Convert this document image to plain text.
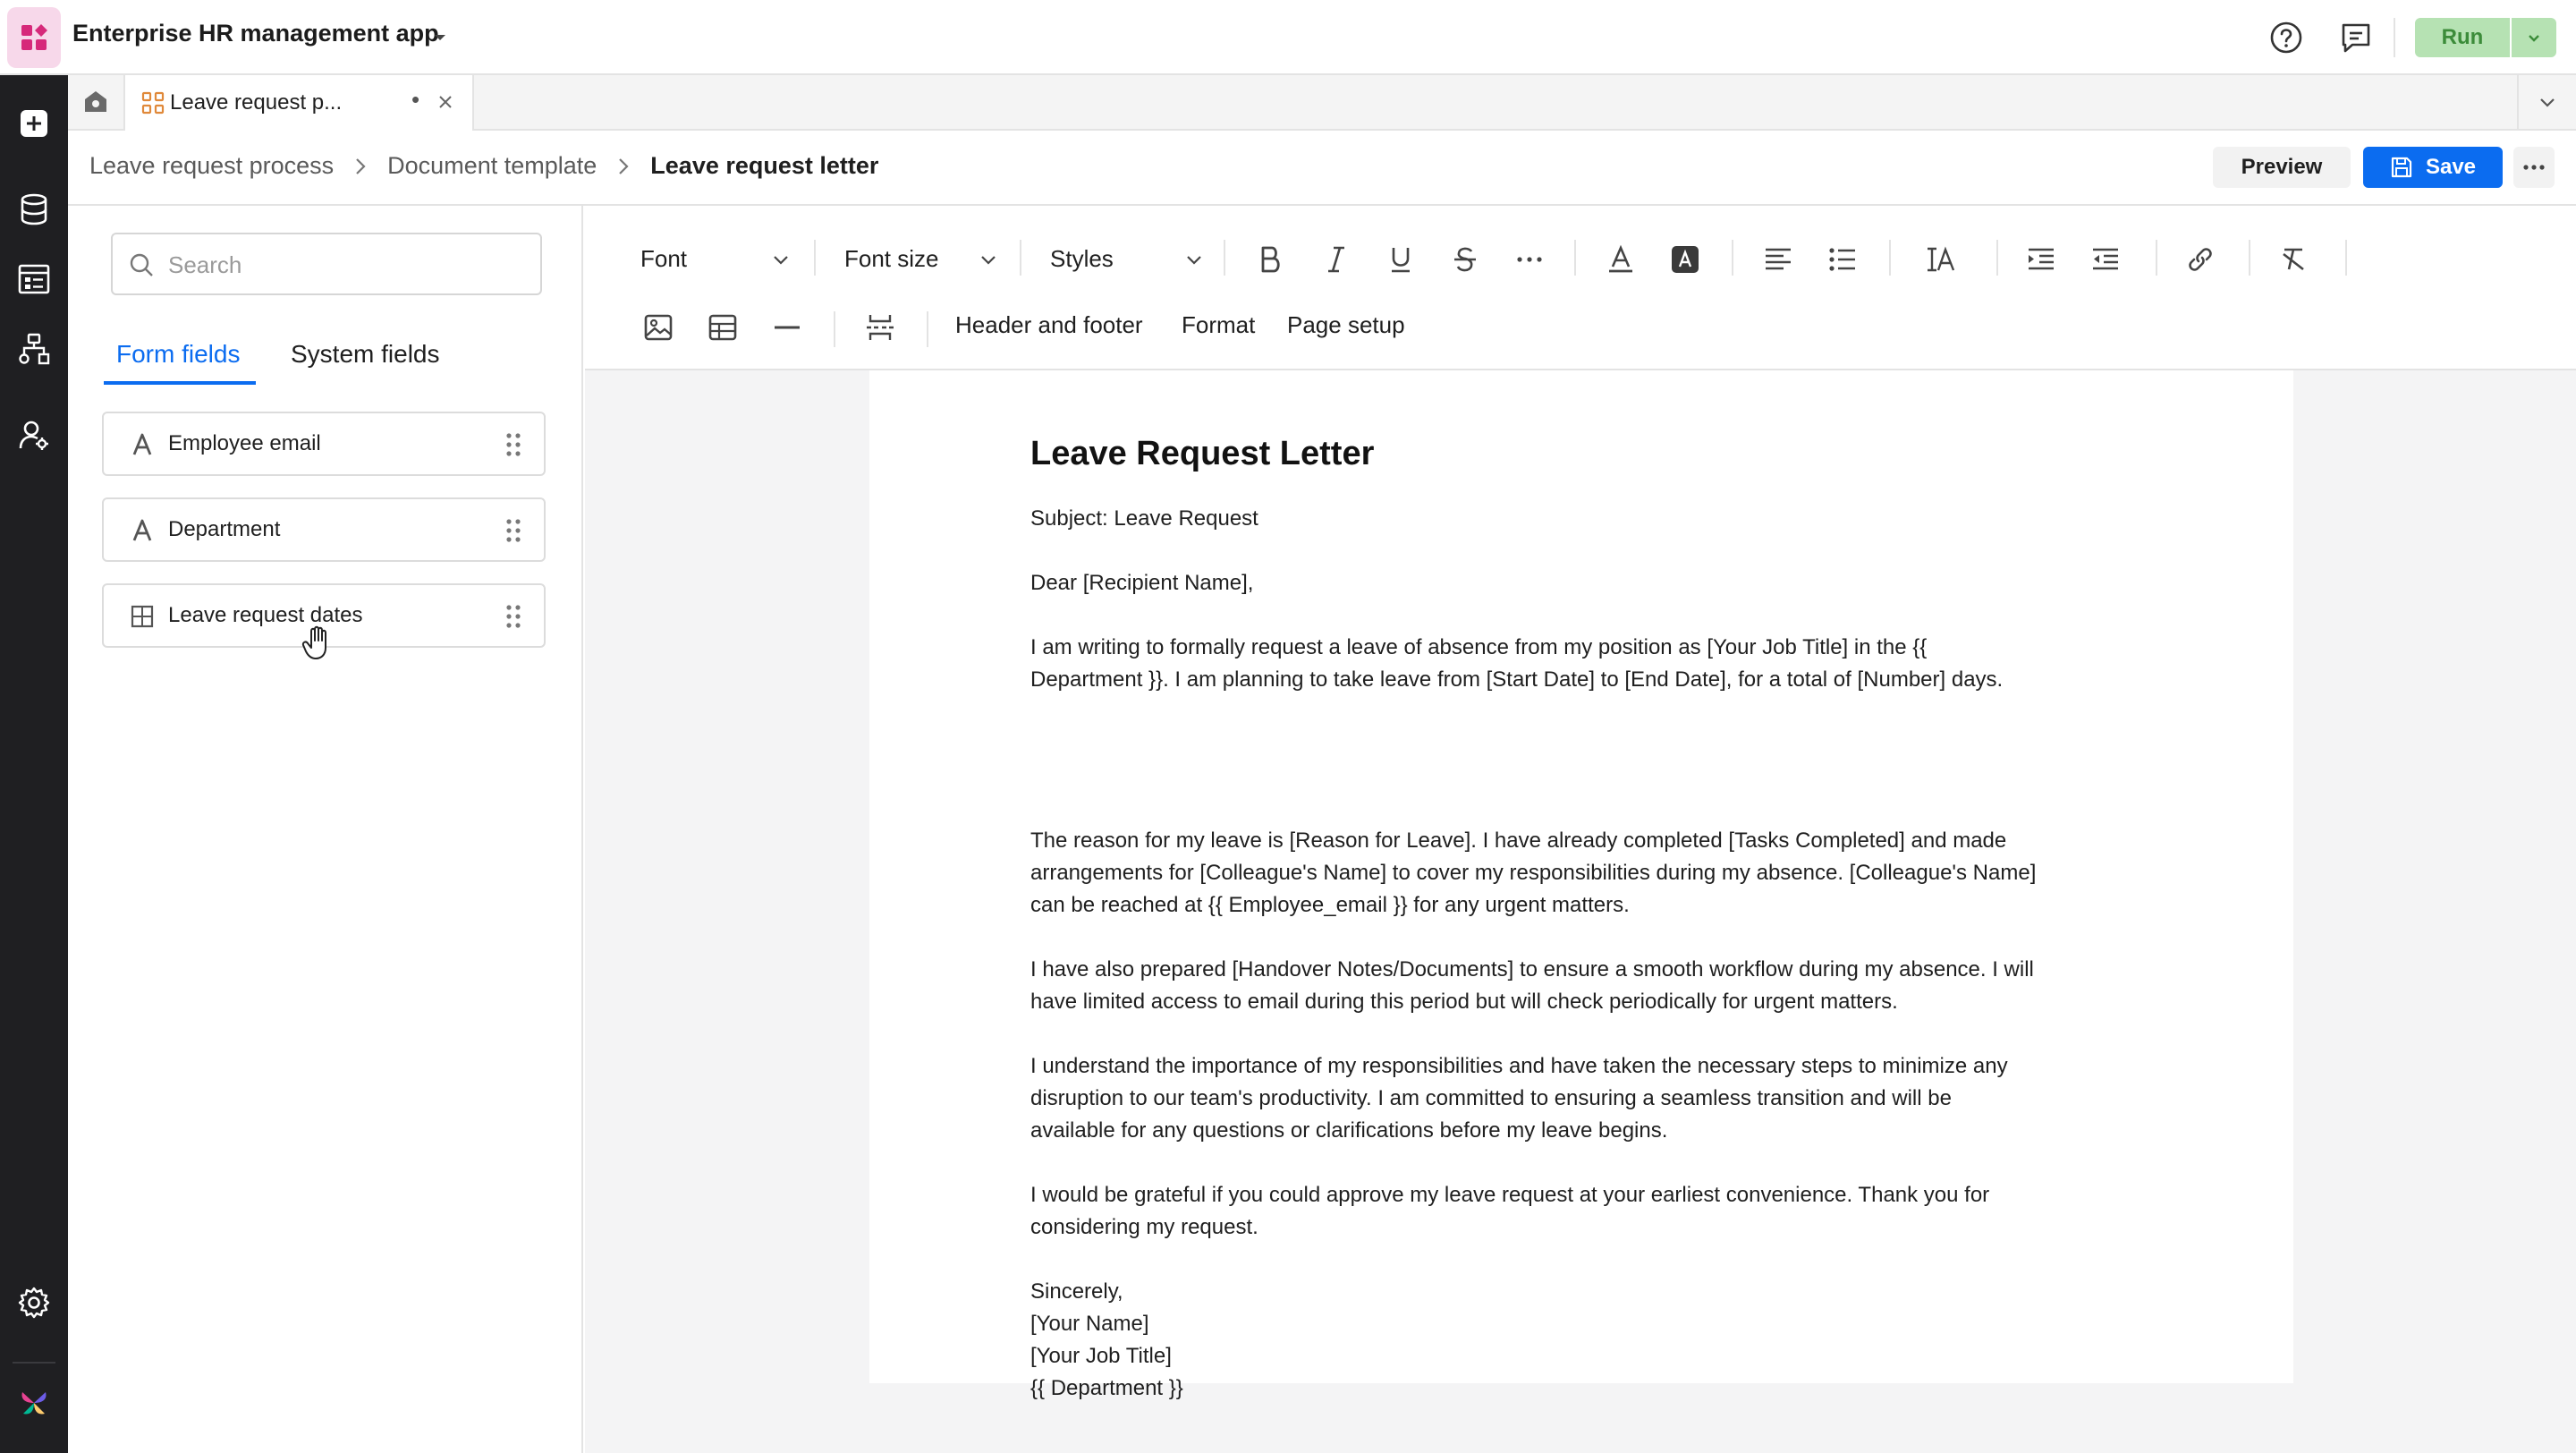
Enterprise HR management app	Run
Leave request p...	•
Leave request process Document template Leave request letter	Preview	Save
Search
Form fields System fields
Employee email
Department
Leave request dates
Font	Font size	Styles
Header and footer Format Page setup
Leave Request Letter
Subject: Leave Request
Dear [Recipient Name],
I am writing to formally request a leave of absence from my position as [Your Job Title] in the {{
Department }}. I am planning to take leave from [Start Date] to [End Date], for a total of [Number] days.
The reason for my leave is [Reason for Leave]. I have already completed [Tasks Completed] and made
arrangements for [Colleague's Name] to cover my responsibilities during my absence. [Colleague's Name]
can be reached at {{ Employee_email }} for any urgent matters.
I have also prepared [Handover Notes/Documents] to ensure a smooth workflow during my absence. I will
have limited access to email during this period but will check periodically for urgent matters.
I understand the importance of my responsibilities and have taken the necessary steps to minimize any
disruption to our team's productivity. I am committed to ensuring a seamless transition and will be
available for any questions or clarifications before my leave begins.
I would be grateful if you could approve my leave request at your earliest convenience. Thank you for
considering my request.
Sincerely,
[Your Name]
[Your Job Title]
{{ Department }}
